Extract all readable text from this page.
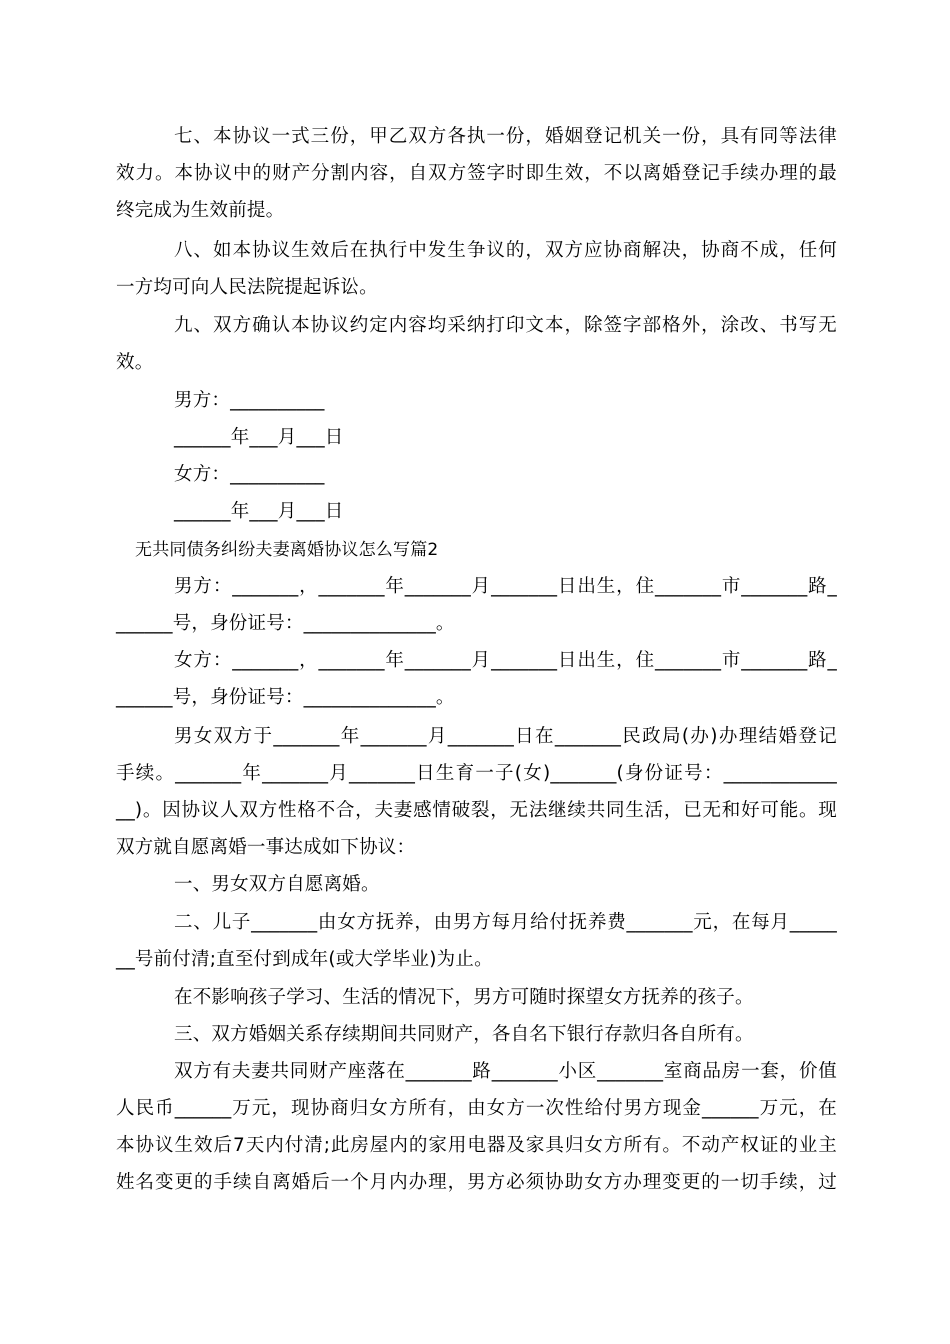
七、本协议一式三份，甲乙双方各执一份，婚姻登记机关一份，具有同等法律
效力。本协议中的财产分割内容，自双方签字时即生效，不以离婚登记手续办理的最
终完成为生效前提。
八、如本协议生效后在执行中发生争议的，双方应协商解决，协商不成，任何
一方均可向人民法院提起诉讼。
九、双方确认本协议约定内容均采纳打印文本，除签字部格外，涂改、书写无
效。
男方：__________
______年___月___日
女方：__________
______年___月___日
无共同债务纠纷夫妻离婚协议怎么写篇2
男方：_______，_______年_______月_______日出生，住_______市_______路_
______号，身份证号：______________。
女方：_______，_______年_______月_______日出生，住_______市_______路_
______号，身份证号：______________。
男女双方于_______年_______月_______日在_______民政局(办)办理结婚登记
手续。_______年_______月_______日生育一子(女)_______(身份证号：____________
__)。因协议人双方性格不合，夫妻感情破裂，无法继续共同生活，已无和好可能。现
双方就自愿离婚一事达成如下协议：
一、男女双方自愿离婚。
二、儿子_______由女方抚养，由男方每月给付抚养费_______元，在每月_____
__号前付清;直至付到成年(或大学毕业)为止。
在不影响孩子学习、生活的情况下，男方可随时探望女方抚养的孩子。
三、双方婚姻关系存续期间共同财产，各自名下银行存款归各自所有。
双方有夫妻共同财产座落在_______路_______小区_______室商品房一套，价值
人民币______万元，现协商归女方所有，由女方一次性给付男方现金______万元，在
本协议生效后7天内付清;此房屋内的家用电器及家具归女方所有。不动产权证的业主
姓名变更的手续自离婚后一个月内办理，男方必须协助女方办理变更的一切手续，过
